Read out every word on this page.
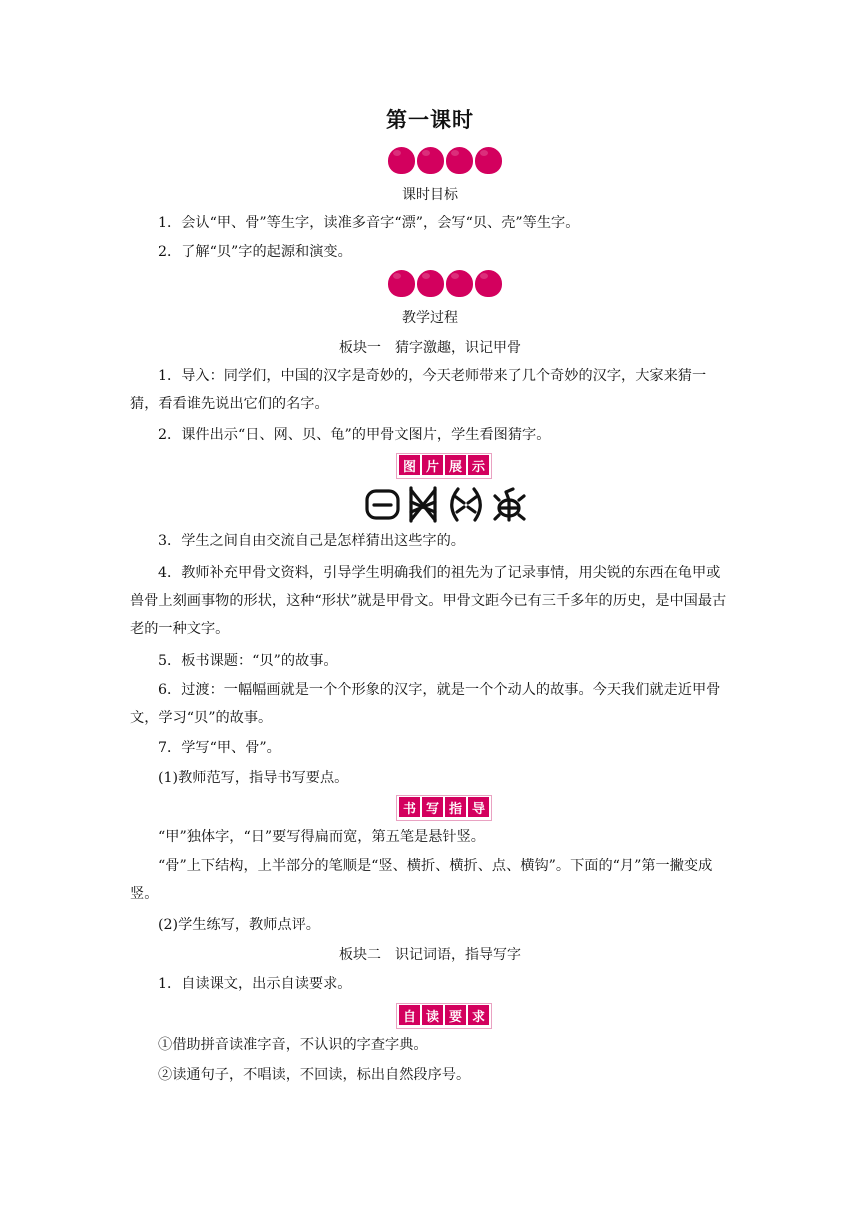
第一课时
课时目标
1．会认“甲、骨”等生字，读准多音字“漂”，会写“贝、壳”等生字。
2．了解“贝”字的起源和演变。
教学过程
板块一　猜字激趣，识记甲骨
1．导入：同学们，中国的汉字是奇妙的，今天老师带来了几个奇妙的汉字，大家来猜一猜，看看谁先说出它们的名字。
2．课件出示“日、网、贝、龟”的甲骨文图片，学生看图猜字。
图 片 展 示
3．学生之间自由交流自己是怎样猜出这些字的。
4．教师补充甲骨文资料，引导学生明确我们的祖先为了记录事情，用尖锐的东西在龟甲或兽骨上刻画事物的形状，这种“形状”就是甲骨文。甲骨文距今已有三千多年的历史，是中国最古老的一种文字。
5．板书课题：“贝”的故事。
6．过渡：一幅幅画就是一个个形象的汉字，就是一个个动人的故事。今天我们就走近甲骨文，学习“贝”的故事。
7．学写“甲、骨”。
(1)教师范写，指导书写要点。
书 写 指 导
“甲”独体字，“日”要写得扁而宽，第五笔是悬针竖。
“骨”上下结构，上半部分的笔顺是“竖、横折、横折、点、横钩”。下面的“月”第一撇变成竖。
(2)学生练写，教师点评。
板块二　识记词语，指导写字
1．自读课文，出示自读要求。
自 读 要 求
①借助拼音读准字音，不认识的字查字典。
②读通句子，不唱读，不回读，标出自然段序号。
